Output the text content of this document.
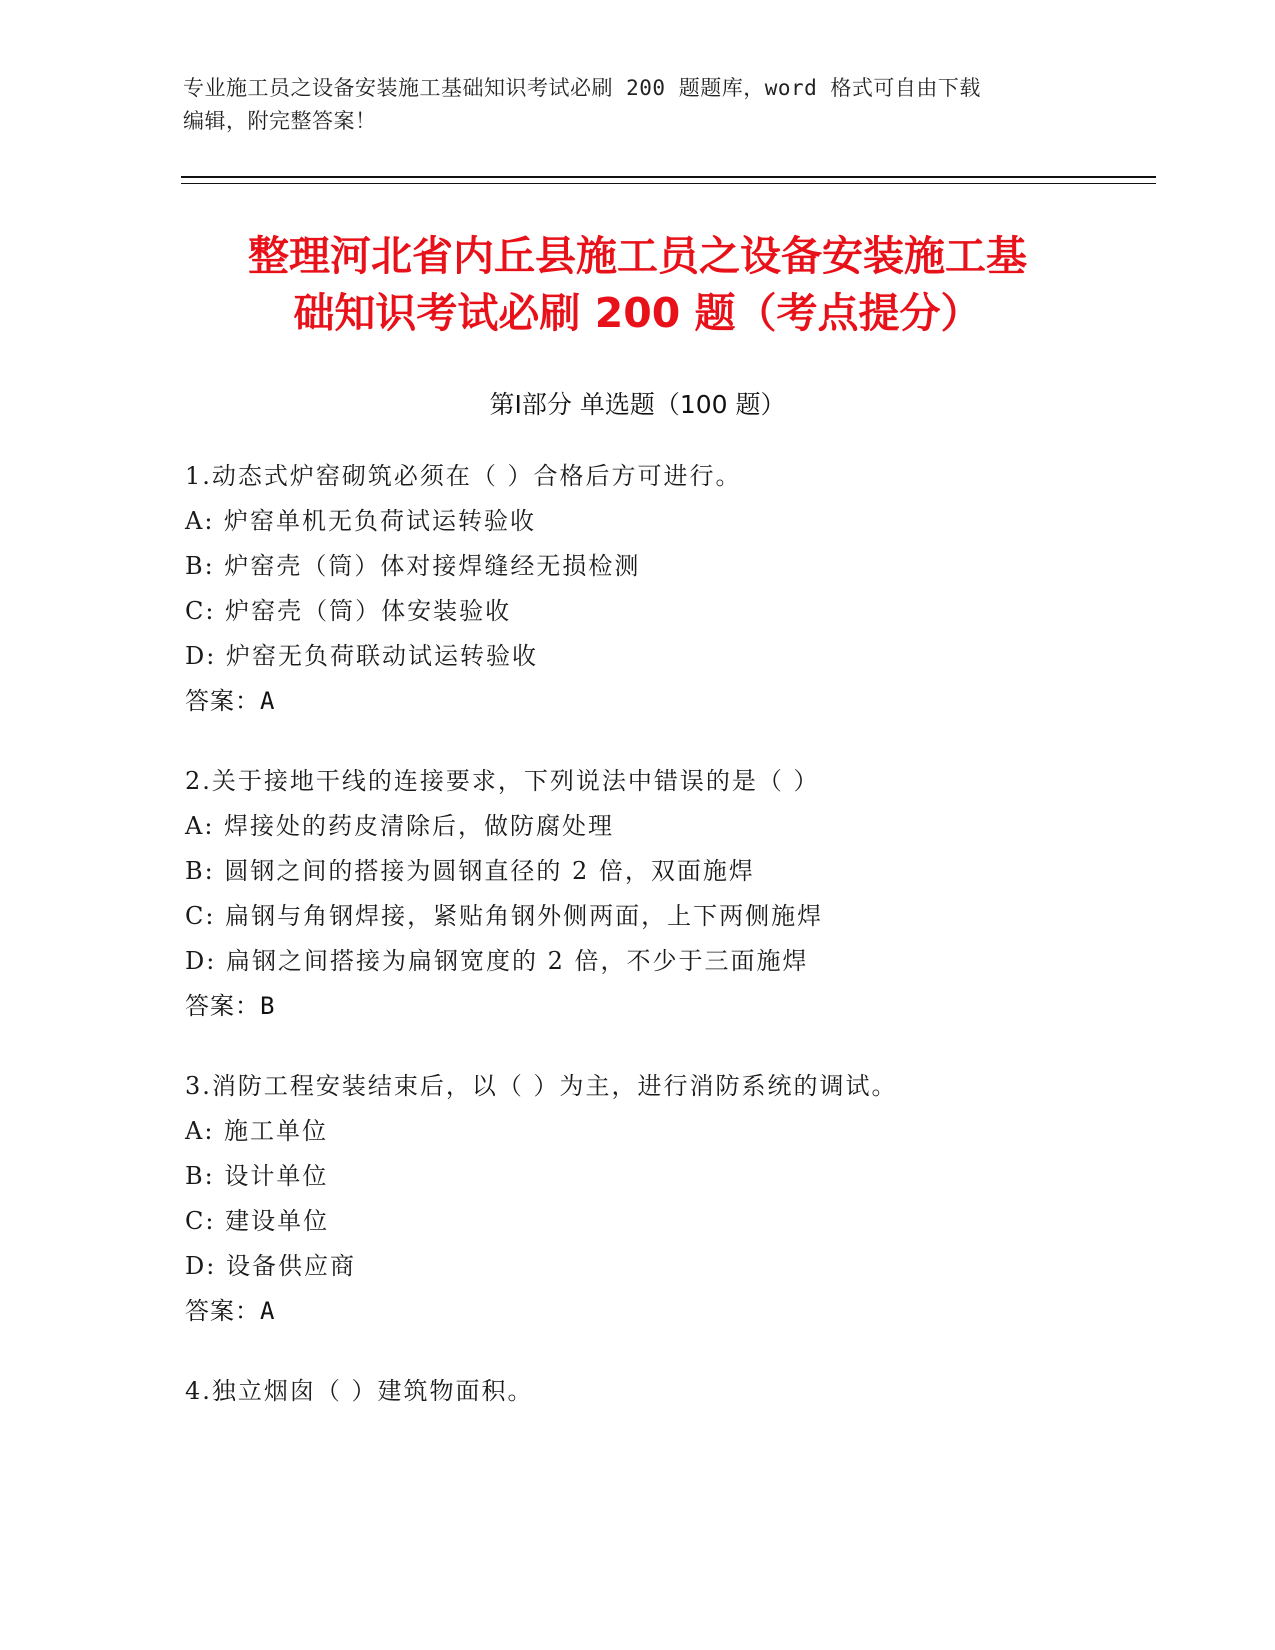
专业施工员之设备安装施工基础知识考试必刷 200 题题库，word 格式可自由下载
编辑，附完整答案！
整理河北省内丘县施工员之设备安装施工基
础知识考试必刷 200 题（考点提分）
第Ⅰ部分 单选题（100 题）
1.动态式炉窑砌筑必须在（ ）合格后方可进行。
A: 炉窑单机无负荷试运转验收
B: 炉窑壳（筒）体对接焊缝经无损检测
C: 炉窑壳（筒）体安装验收
D: 炉窑无负荷联动试运转验收
答案：A
2.关于接地干线的连接要求，下列说法中错误的是（ ）
A: 焊接处的药皮清除后，做防腐处理
B: 圆钢之间的搭接为圆钢直径的 2 倍，双面施焊
C: 扁钢与角钢焊接，紧贴角钢外侧两面，上下两侧施焊
D: 扁钢之间搭接为扁钢宽度的 2 倍，不少于三面施焊
答案：B
3.消防工程安装结束后，以（ ）为主，进行消防系统的调试。
A: 施工单位
B: 设计单位
C: 建设单位
D: 设备供应商
答案：A
4.独立烟囱（ ）建筑物面积。
